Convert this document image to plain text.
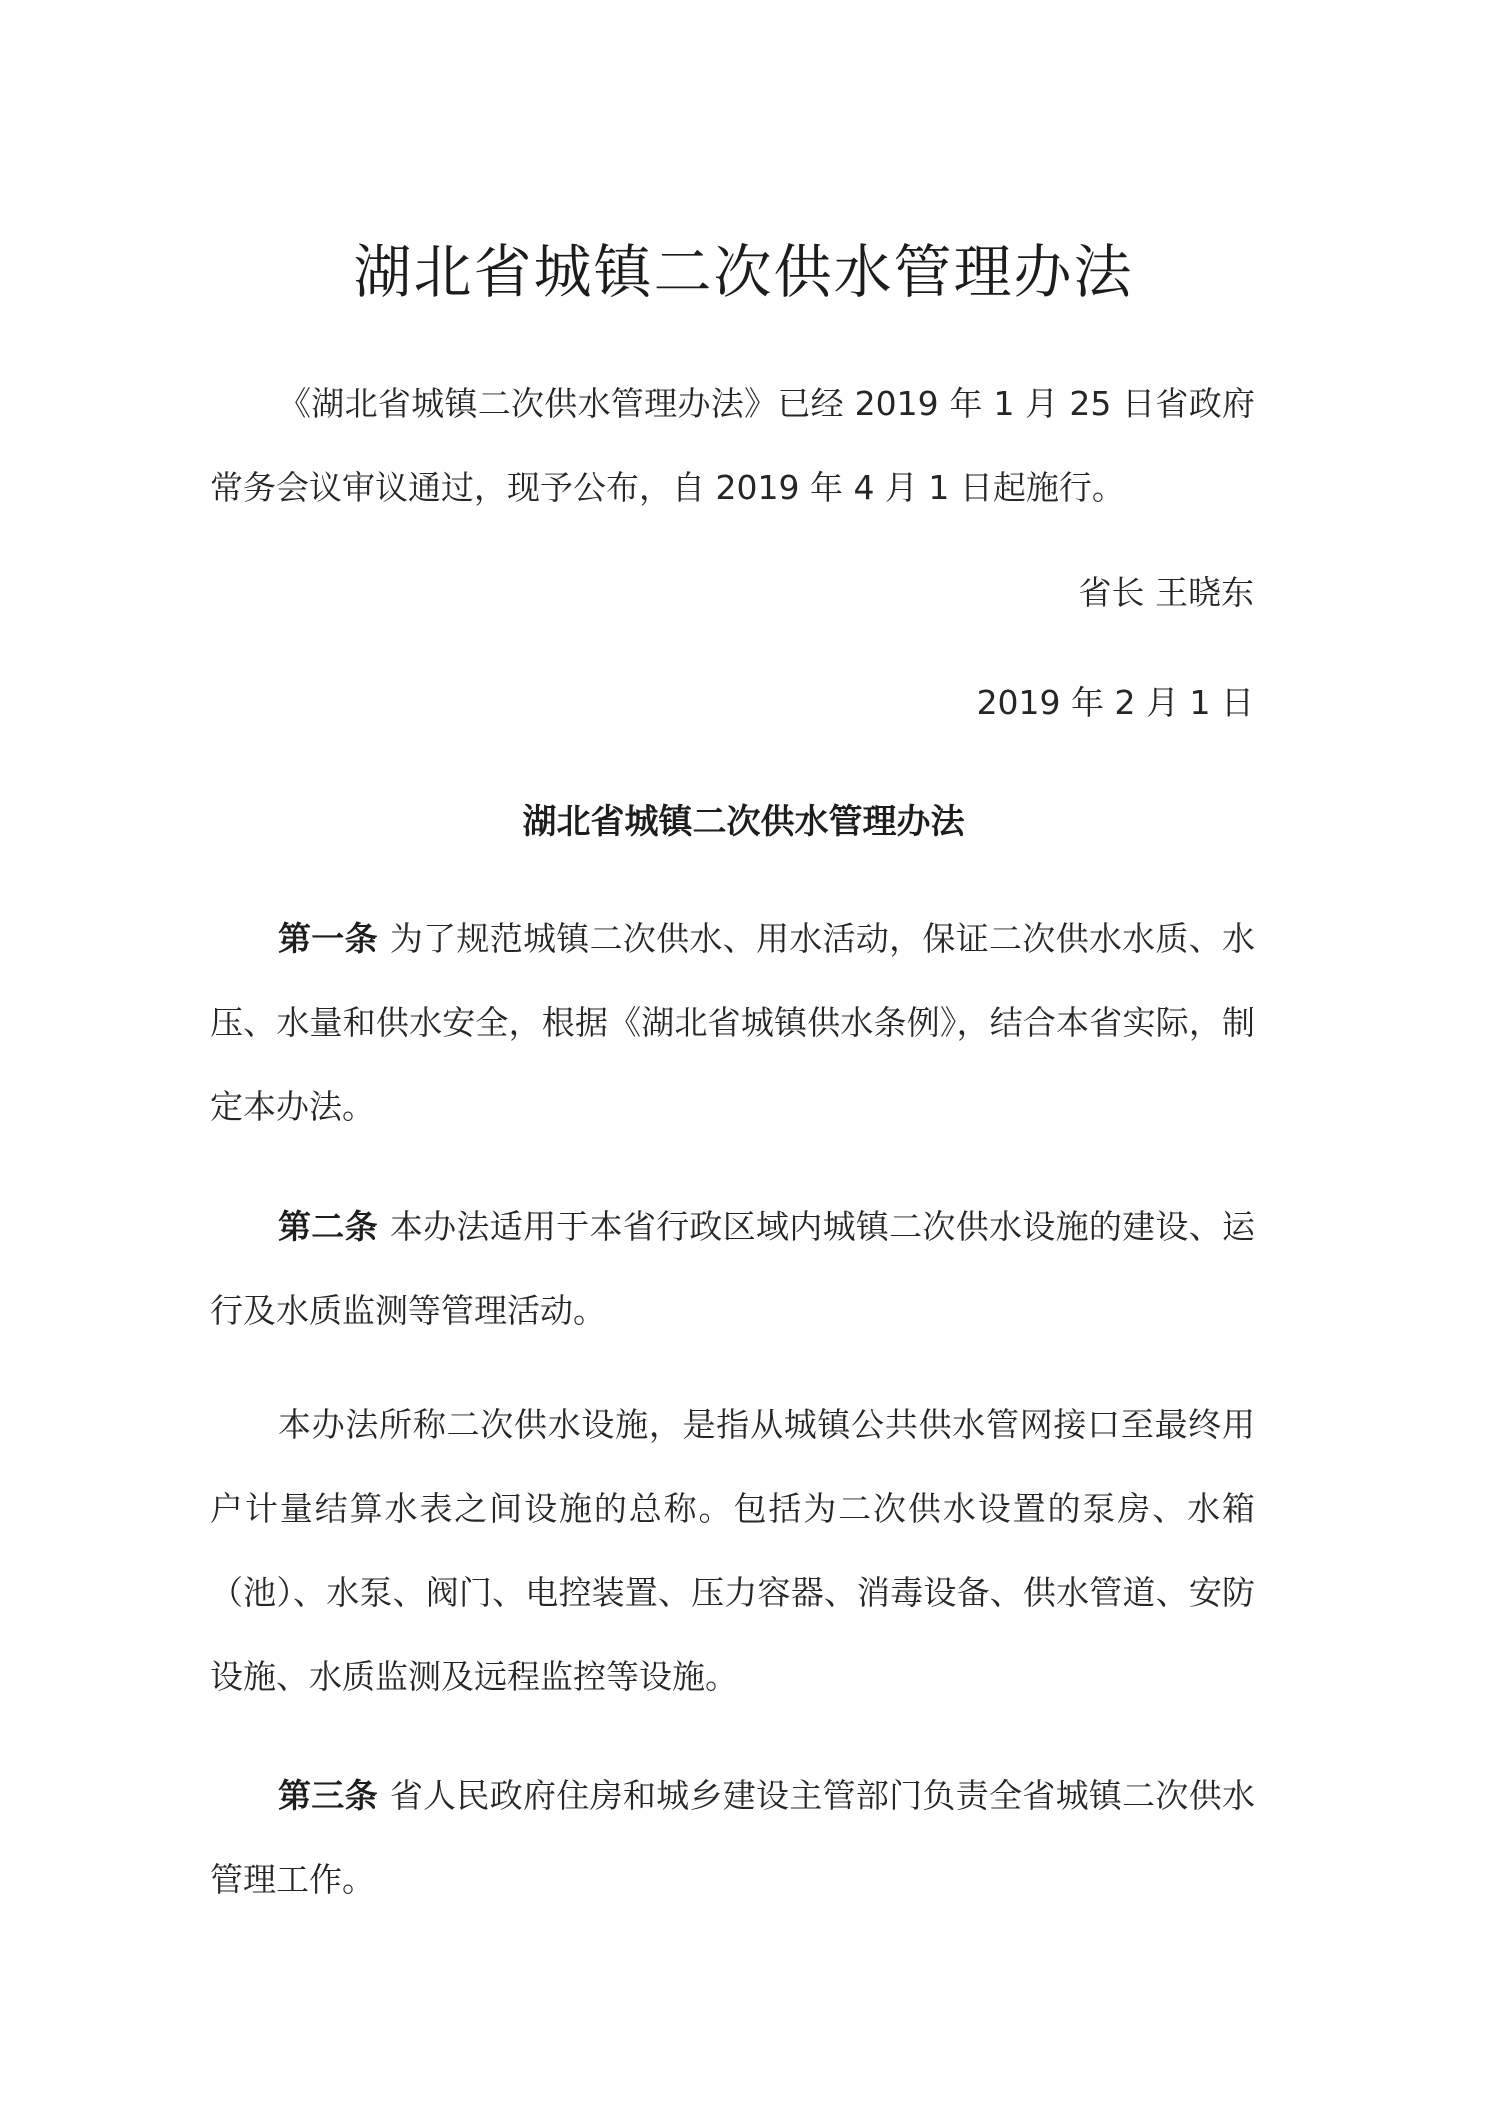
湖北省城镇二次供水管理办法

《湖北省城镇二次供水管理办法》已经 2019 年 1 月 25 日省政府常务会议审议通过，现予公布，自 2019 年 4 月 1 日起施行。

省长 王晓东
2019 年 2 月 1 日
湖北省城镇二次供水管理办法

第一条 为了规范城镇二次供水、用水活动，保证二次供水水质、水压、水量和供水安全，根据《湖北省城镇供水条例》，结合本省实际，制定本办法。

第二条 本办法适用于本省行政区域内城镇二次供水设施的建设、运行及水质监测等管理活动。

本办法所称二次供水设施，是指从城镇公共供水管网接口至最终用户计量结算水表之间设施的总称。包括为二次供水设置的泵房、水箱（池）、水泵、阀门、电控装置、压力容器、消毒设备、供水管道、安防设施、水质监测及远程监控等设施。

第三条 省人民政府住房和城乡建设主管部门负责全省城镇二次供水管理工作。
